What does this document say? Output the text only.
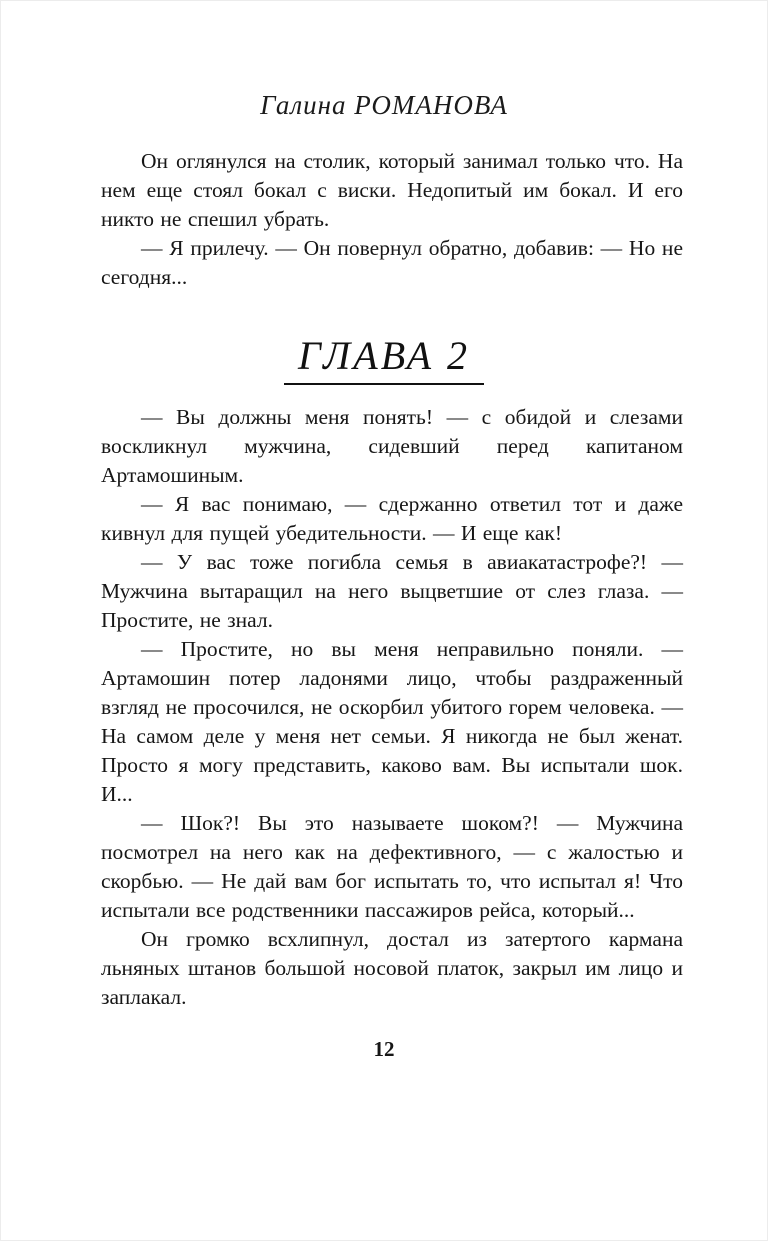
Галина РОМАНОВА

Он оглянулся на столик, который занимал только что. На нем еще стоял бокал с виски. Недопитый им бокал. И его никто не спешил убрать.

— Я прилечу. — Он повернул обратно, добавив: — Но не сегодня...

ГЛАВА 2

— Вы должны меня понять! — с обидой и слезами воскликнул мужчина, сидевший перед капитаном Артамошиным.

— Я вас понимаю, — сдержанно ответил тот и даже кивнул для пущей убедительности. — И еще как!

— У вас тоже погибла семья в авиакатастрофе?! — Мужчина вытаращил на него выцветшие от слез глаза. — Простите, не знал.

— Простите, но вы меня неправильно поняли. — Артамошин потер ладонями лицо, чтобы раздраженный взгляд не просочился, не оскорбил убитого горем человека. — На самом деле у меня нет семьи. Я никогда не был женат. Просто я могу представить, каково вам. Вы испытали шок. И...

— Шок?! Вы это называете шоком?! — Мужчина посмотрел на него как на дефективного, — с жалостью и скорбью. — Не дай вам бог испытать то, что испытал я! Что испытали все родственники пассажиров рейса, который...

Он громко всхлипнул, достал из затертого кармана льняных штанов большой носовой платок, закрыл им лицо и заплакал.

12
